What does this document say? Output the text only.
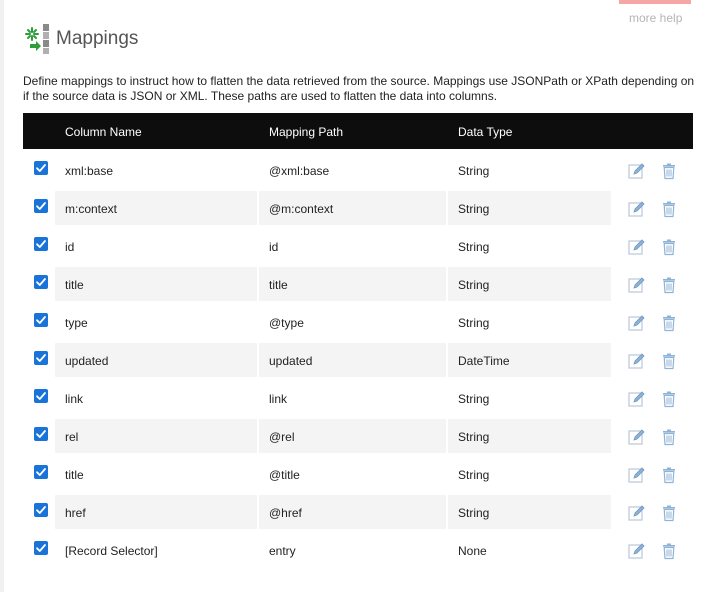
more help
Mappings

Define mappings to instruct how to flatten the data retrieved from the source. Mappings use JSONPath or XPath depending on if the source data is JSON or XML. These paths are used to flatten the data into columns.

Column Name	Mapping Path	Data Type
xml:base	@xml:base	String
m:context	@m:context	String
id	id	String
title	title	String
type	@type	String
updated	updated	DateTime
link	link	String
rel	@rel	String
title	@title	String
href	@href	String
[Record Selector]	entry	None
